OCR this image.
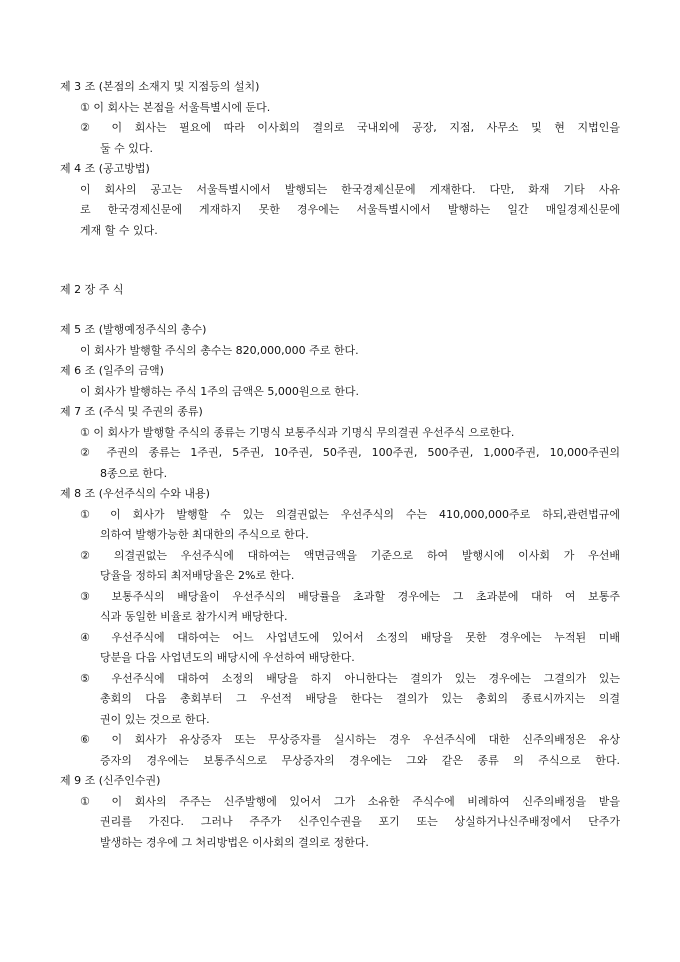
제 3 조 (본점의 소재지 및 지점등의 설치)
① 이 회사는 본점을 서울특별시에 둔다.
② 이 회사는 필요에 따라 이사회의 결의로 국내외에 공장, 지점, 사무소 및 현 지법인을
둘 수 있다.
제 4 조 (공고방법)
이 회사의 공고는 서울특별시에서 발행되는 한국경제신문에 게재한다. 다만, 화재 기타 사유
로 한국경제신문에 게재하지 못한 경우에는 서울특별시에서 발행하는 일간 매일경제신문에
게재 할 수 있다.
제 2 장 주 식
제 5 조 (발행예정주식의 총수)
이 회사가 발행할 주식의 총수는 820,000,000 주로 한다.
제 6 조 (일주의 금액)
이 회사가 발행하는 주식 1주의 금액은 5,000원으로 한다.
제 7 조 (주식 및 주권의 종류)
① 이 회사가 발행할 주식의 종류는 기명식 보통주식과 기명식 무의결권 우선주식 으로한다.
② 주권의 종류는 1주권, 5주권, 10주권, 50주권, 100주권, 500주권, 1,000주권, 10,000주권의
8종으로 한다.
제 8 조 (우선주식의 수와 내용)
① 이 회사가 발행할 수 있는 의결권없는 우선주식의 수는 410,000,000주로 하되,관련법규에
의하여 발행가능한 최대한의 주식으로 한다.
② 의결권없는 우선주식에 대하여는 액면금액을 기준으로 하여 발행시에 이사회 가 우선배
당율을 정하되 최저배당율은 2%로 한다.
③ 보통주식의 배당율이 우선주식의 배당률을 초과할 경우에는 그 초과분에 대하 여 보통주
식과 동일한 비율로 참가시켜 배당한다.
④ 우선주식에 대하여는 어느 사업년도에 있어서 소정의 배당을 못한 경우에는 누적된 미배
당분을 다음 사업년도의 배당시에 우선하여 배당한다.
⑤ 우선주식에 대하여 소정의 배당을 하지 아니한다는 결의가 있는 경우에는 그결의가 있는
총회의 다음 총회부터 그 우선적 배당을 한다는 결의가 있는 총회의 종료시까지는 의결
권이 있는 것으로 한다.
⑥ 이 회사가 유상증자 또는 무상증자를 실시하는 경우 우선주식에 대한 신주의배정은 유상
증자의 경우에는 보통주식으로 무상증자의 경우에는 그와 같은 종류 의 주식으로 한다.
제 9 조 (신주인수권)
① 이 회사의 주주는 신주발행에 있어서 그가 소유한 주식수에 비례하여 신주의배정을 받을
권리를 가진다. 그러나 주주가 신주인수권을 포기 또는 상실하거나신주배정에서 단주가
발생하는 경우에 그 처리방법은 이사회의 결의로 정한다.
